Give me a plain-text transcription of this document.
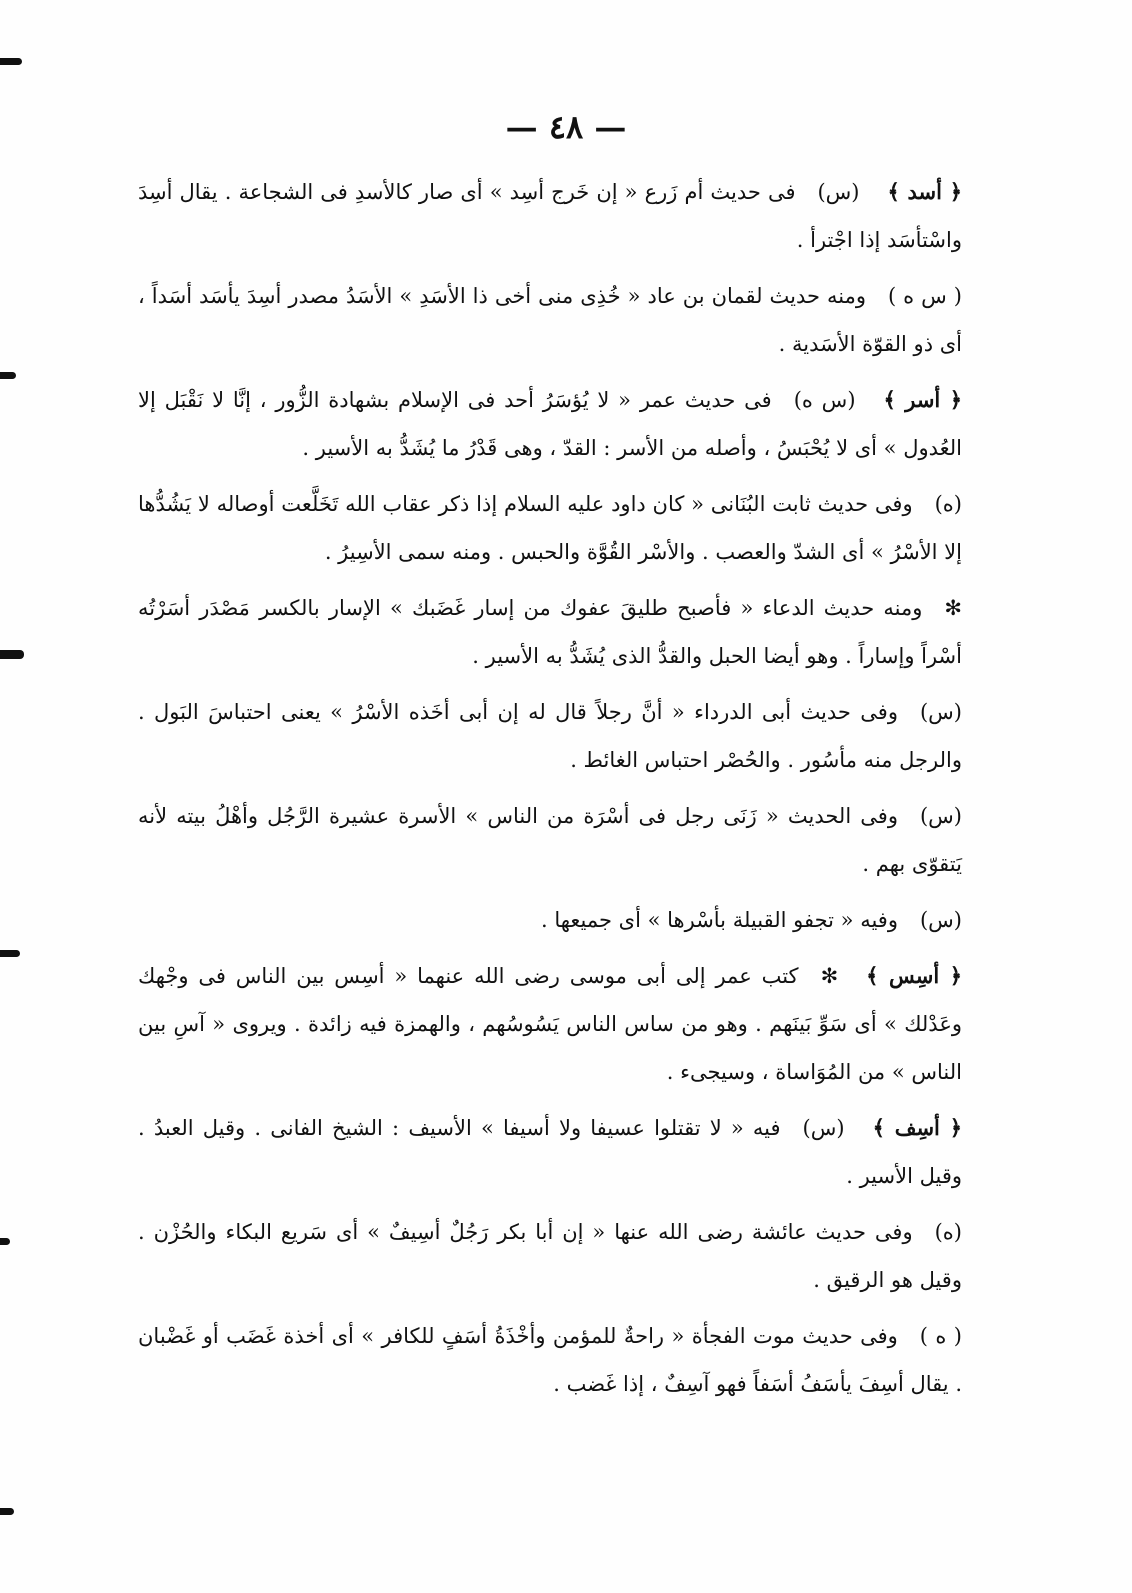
— ٤٨ —

﴿ أسد ﴾(س)فى حديث أم زَرع « إن خَرج أسِد » أى صار كالأسدِ فى الشجاعة . يقال أسِدَ واسْتأسَد إذا اجْترأ .

( س ه )ومنه حديث لقمان بن عاد « خُذِى منى أخى ذا الأسَدِ » الأسَدُ مصدر أسِدَ يأسَد أسَداً ، أى ذو القوّة الأسَدية .

﴿ أسر ﴾(س ه)فى حديث عمر « لا يُؤسَرُ أحد فى الإسلام بشهادة الزُّور ، إنَّا لا نَقْبَل إلا العُدول » أى لا يُحْبَسُ ، وأصله من الأسر : القدّ ، وهى قَدْرُ ما يُشَدُّ به الأسير .

(ه)وفى حديث ثابت البُنَانى « كان داود عليه السلام إذا ذكر عقاب الله تَخَلَّعت أوصاله لا يَشُدُّها إلا الأسْرُ » أى الشدّ والعصب . والأسْر القُوَّة والحبس . ومنه سمى الأسِيرُ .

✻ومنه حديث الدعاء « فأصبح طليقَ عفوك من إسار غَضَبك » الإسار بالكسر مَصْدَر أسَرْتُه أسْراً وإساراً . وهو أيضا الحبل والقدُّ الذى يُشَدُّ به الأسير .

(س)وفى حديث أبى الدرداء « أنَّ رجلاً قال له إن أبى أخَذه الأسْرُ » يعنى احتباسَ البَول . والرجل منه مأسُور . والحُصْر احتباس الغائط .

(س)وفى الحديث « زَنَى رجل فى أسْرَة من الناس » الأسرة عشيرة الرَّجُل وأهْلُ بيته لأنه يَتقوّى بهم .

(س)وفيه « تجفو القبيلة بأسْرها » أى جميعها .

﴿ أسِس ﴾✻كتب عمر إلى أبى موسى رضى الله عنهما « أسِس بين الناس فى وجْهك وعَدْلك » أى سَوِّ بَينَهم . وهو من ساس الناس يَسُوسُهم ، والهمزة فيه زائدة . ويروى « آسِ بين الناس » من المُوَاساة ، وسيجىء .

﴿ أسِف ﴾(س)فيه « لا تقتلوا عسيفا ولا أسيفا » الأسيف : الشيخ الفانى . وقيل العبدُ . وقيل الأسير .

(ه)وفى حديث عائشة رضى الله عنها « إن أبا بكر رَجُلٌ أسِيفٌ » أى سَريع البكاء والحُزْن . وقيل هو الرقيق .

( ه )وفى حديث موت الفجأة « راحةٌ للمؤمن وأخْذَةُ أسَفٍ للكافر » أى أخذة غَضَب أو غَضْبان . يقال أسِفَ يأسَفُ أسَفاً فهو آسِفٌ ، إذا غَضب .
